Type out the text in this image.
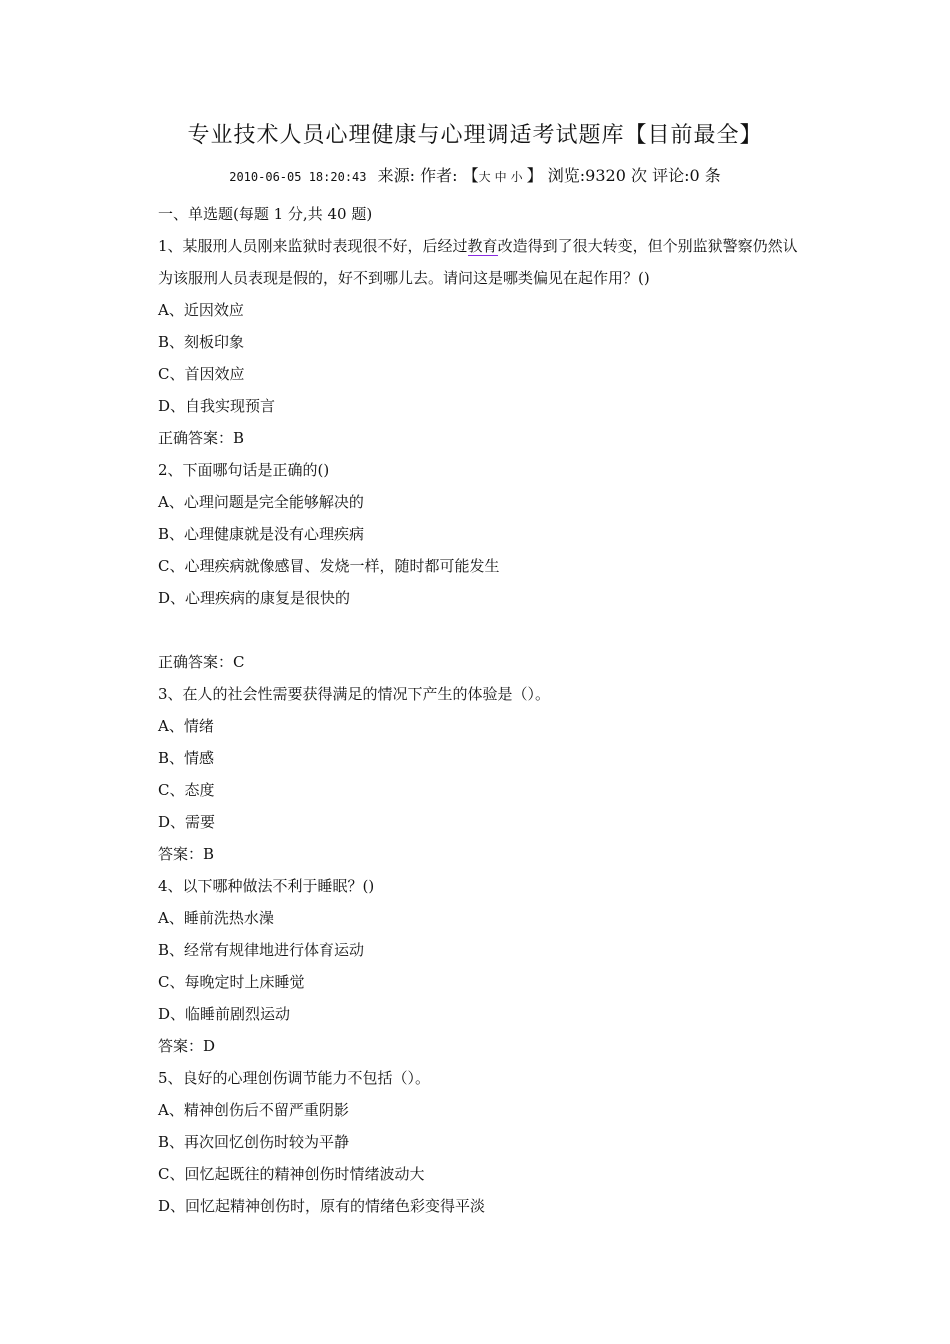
专业技术人员心理健康与心理调适考试题库【目前最全】
2010-06-05 18:20:43 来源: 作者: 【大中小】 浏览:9320 次 评论:0 条
一、单选题(每题 1 分,共 40 题)
1、某服刑人员刚来监狱时表现很不好，后经过教育改造得到了很大转变，但个别监狱警察仍然认为该服刑人员表现是假的，好不到哪儿去。请问这是哪类偏见在起作用？()
A、近因效应
B、刻板印象
C、首因效应
D、自我实现预言
正确答案：B
2、下面哪句话是正确的()
A、心理问题是完全能够解决的
B、心理健康就是没有心理疾病
C、心理疾病就像感冒、发烧一样，随时都可能发生
D、心理疾病的康复是很快的
正确答案：C
3、在人的社会性需要获得满足的情况下产生的体验是（）。
A、情绪
B、情感
C、态度
D、需要
答案：B
4、以下哪种做法不利于睡眠？()
A、睡前洗热水澡
B、经常有规律地进行体育运动
C、每晚定时上床睡觉
D、临睡前剧烈运动
答案：D
5、良好的心理创伤调节能力不包括（）。
A、精神创伤后不留严重阴影
B、再次回忆创伤时较为平静
C、回忆起既往的精神创伤时情绪波动大
D、回忆起精神创伤时，原有的情绪色彩变得平淡
